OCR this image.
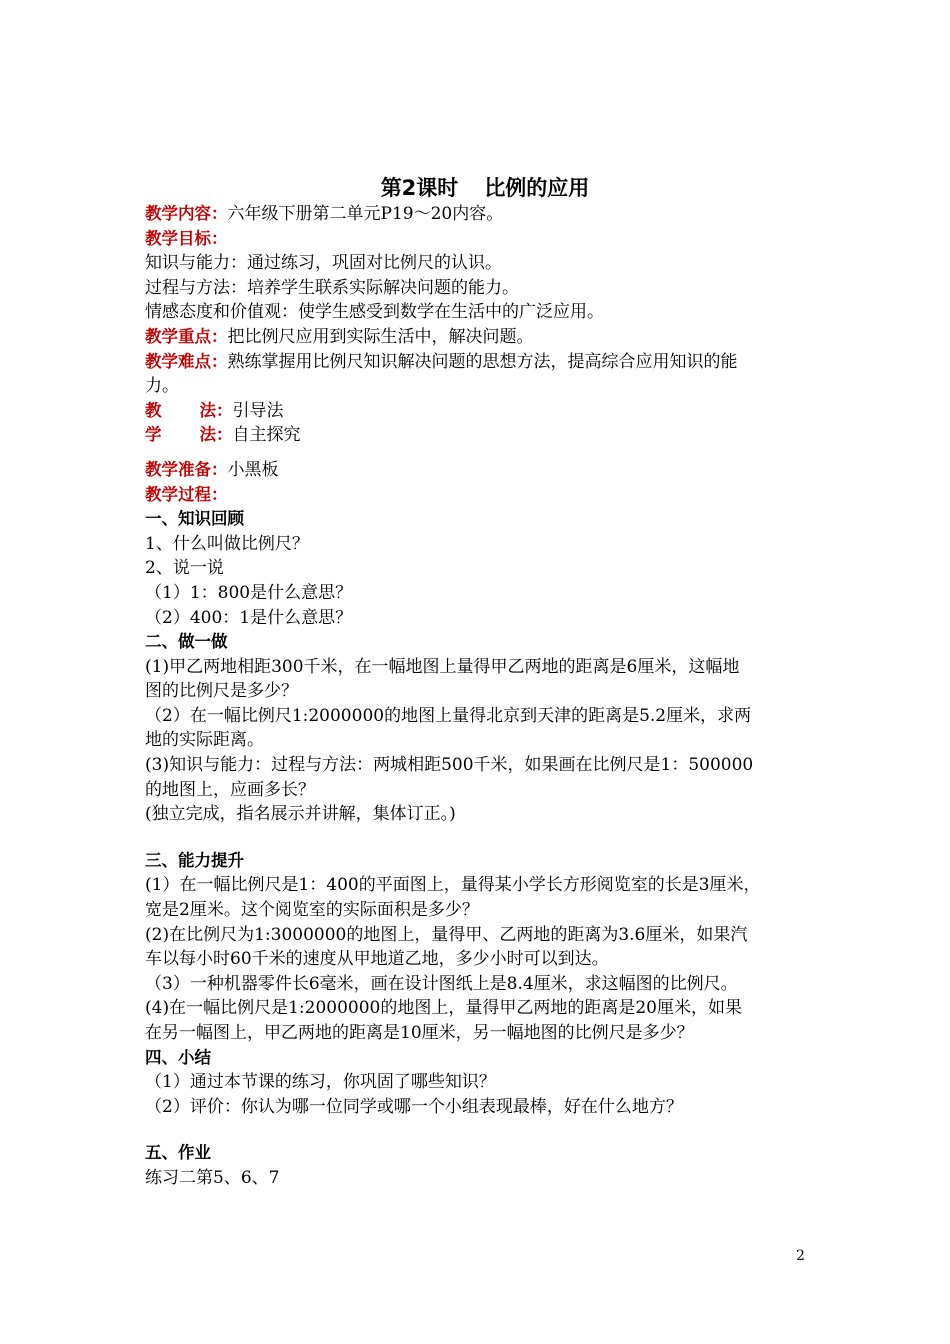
第2课时 比例的应用
教学内容：六年级下册第二单元P19～20内容。
教学目标：
知识与能力：通过练习，巩固对比例尺的认识。
过程与方法：培养学生联系实际解决问题的能力。
情感态度和价值观：使学生感受到数学在生活中的广泛应用。
教学重点：把比例尺应用到实际生活中，解决问题。
教学难点：熟练掌握用比例尺知识解决问题的思想方法，提高综合应用知识的能
力。
教 法：引导法
学 法：自主探究
教学准备：小黑板
教学过程：
一、知识回顾
1、什么叫做比例尺？
2、说一说
（1）1：800是什么意思？
（2）400：1是什么意思？
二、做一做
(1)甲乙两地相距300千米，在一幅地图上量得甲乙两地的距离是6厘米，这幅地
图的比例尺是多少？
（2）在一幅比例尺1:2000000的地图上量得北京到天津的距离是5.2厘米，求两
地的实际距离。
(3)知识与能力：过程与方法：两城相距500千米，如果画在比例尺是1：500000
的地图上，应画多长？
(独立完成，指名展示并讲解，集体订正。)
三、能力提升
(1）在一幅比例尺是1：400的平面图上，量得某小学长方形阅览室的长是3厘米，
宽是2厘米。这个阅览室的实际面积是多少？
(2)在比例尺为1:3000000的地图上，量得甲、乙两地的距离为3.6厘米，如果汽
车以每小时60千米的速度从甲地道乙地，多少小时可以到达。
（3）一种机器零件长6毫米，画在设计图纸上是8.4厘米，求这幅图的比例尺。
(4)在一幅比例尺是1:2000000的地图上，量得甲乙两地的距离是20厘米，如果
在另一幅图上，甲乙两地的距离是10厘米，另一幅地图的比例尺是多少？
四、小结
（1）通过本节课的练习，你巩固了哪些知识？
（2）评价：你认为哪一位同学或哪一个小组表现最棒，好在什么地方？
五、作业
练习二第5、6、7
2
